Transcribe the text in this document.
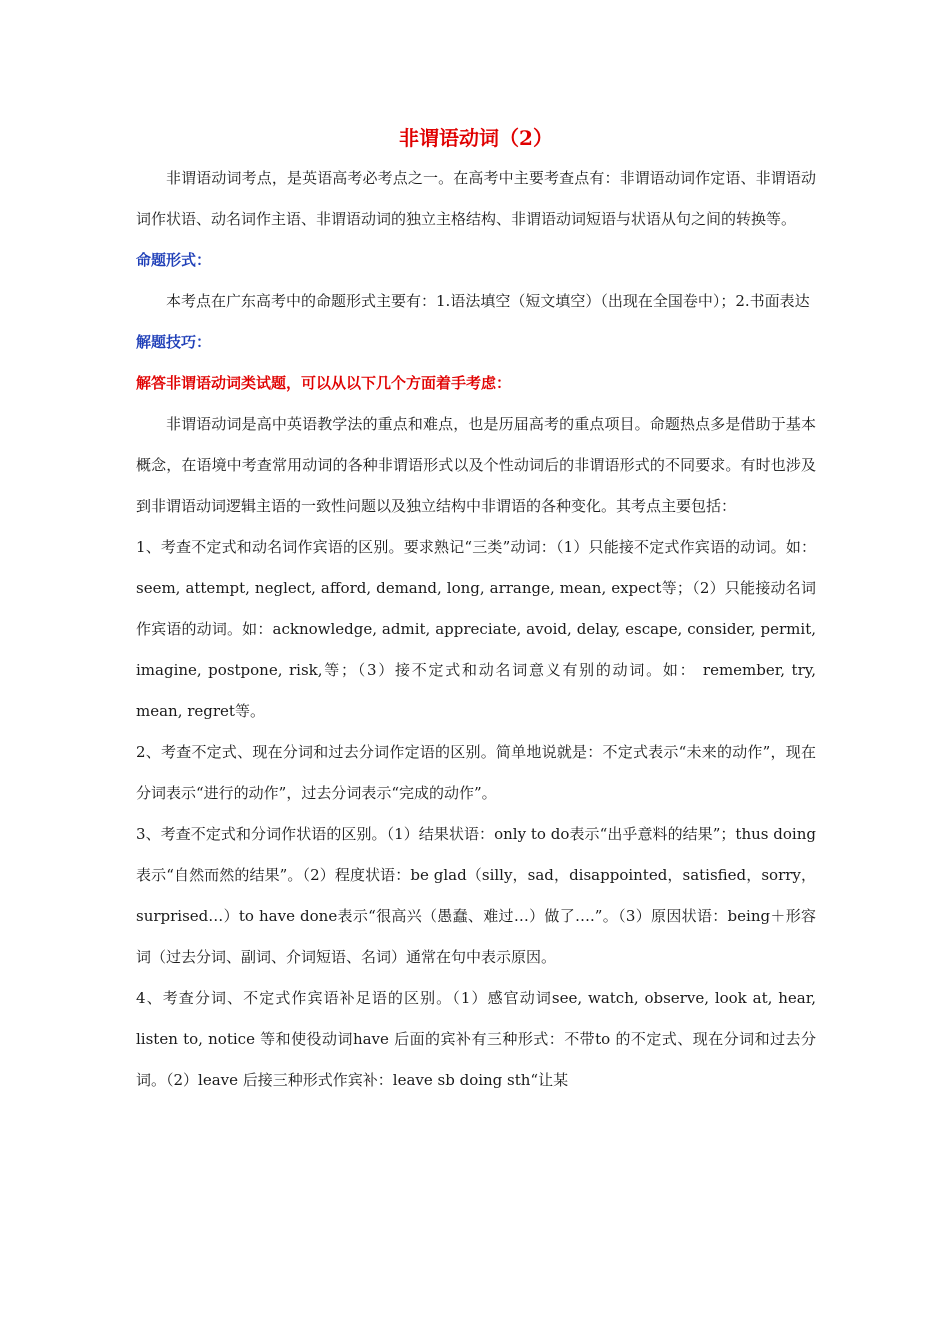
非谓语动词（2）

非谓语动词考点，是英语高考必考点之一。在高考中主要考查点有：非谓语动词作定语、非谓语动词作状语、动名词作主语、非谓语动词的独立主格结构、非谓语动词短语与状语从句之间的转换等。

命题形式：

本考点在广东高考中的命题形式主要有：1.语法填空（短文填空）（出现在全国卷中）；2.书面表达

解题技巧：

解答非谓语动词类试题，可以从以下几个方面着手考虑：

非谓语动词是高中英语教学法的重点和难点，也是历届高考的重点项目。命题热点多是借助于基本概念，在语境中考查常用动词的各种非谓语形式以及个性动词后的非谓语形式的不同要求。有时也涉及到非谓语动词逻辑主语的一致性问题以及独立结构中非谓语的各种变化。其考点主要包括：

1、考查不定式和动名词作宾语的区别。要求熟记“三类”动词：（1）只能接不定式作宾语的动词。如：seem, attempt, neglect, afford, demand, long, arrange, mean, expect等；（2）只能接动名词作宾语的动词。如：acknowledge, admit, appreciate, avoid, delay, escape, consider, permit, imagine, postpone, risk,等；（3）接不定式和动名词意义有别的动词。如： remember, try, mean, regret等。

2、考查不定式、现在分词和过去分词作定语的区别。简单地说就是：不定式表示“未来的动作”，现在分词表示“进行的动作”，过去分词表示“完成的动作”。

3、考查不定式和分词作状语的区别。（1）结果状语：only to do表示“出乎意料的结果”；thus doing 表示“自然而然的结果”。（2）程度状语：be glad（silly，sad，disappointed，satisfied，sorry，surprised…）to have done表示“很高兴（愚蠢、难过…）做了….”。（3）原因状语：being＋形容词（过去分词、副词、介词短语、名词）通常在句中表示原因。

4、考查分词、不定式作宾语补足语的区别。（1）感官动词see, watch, observe, look at, hear, listen to, notice 等和使役动词have 后面的宾补有三种形式：不带to 的不定式、现在分词和过去分词。（2）leave 后接三种形式作宾补：leave sb doing sth“让某
